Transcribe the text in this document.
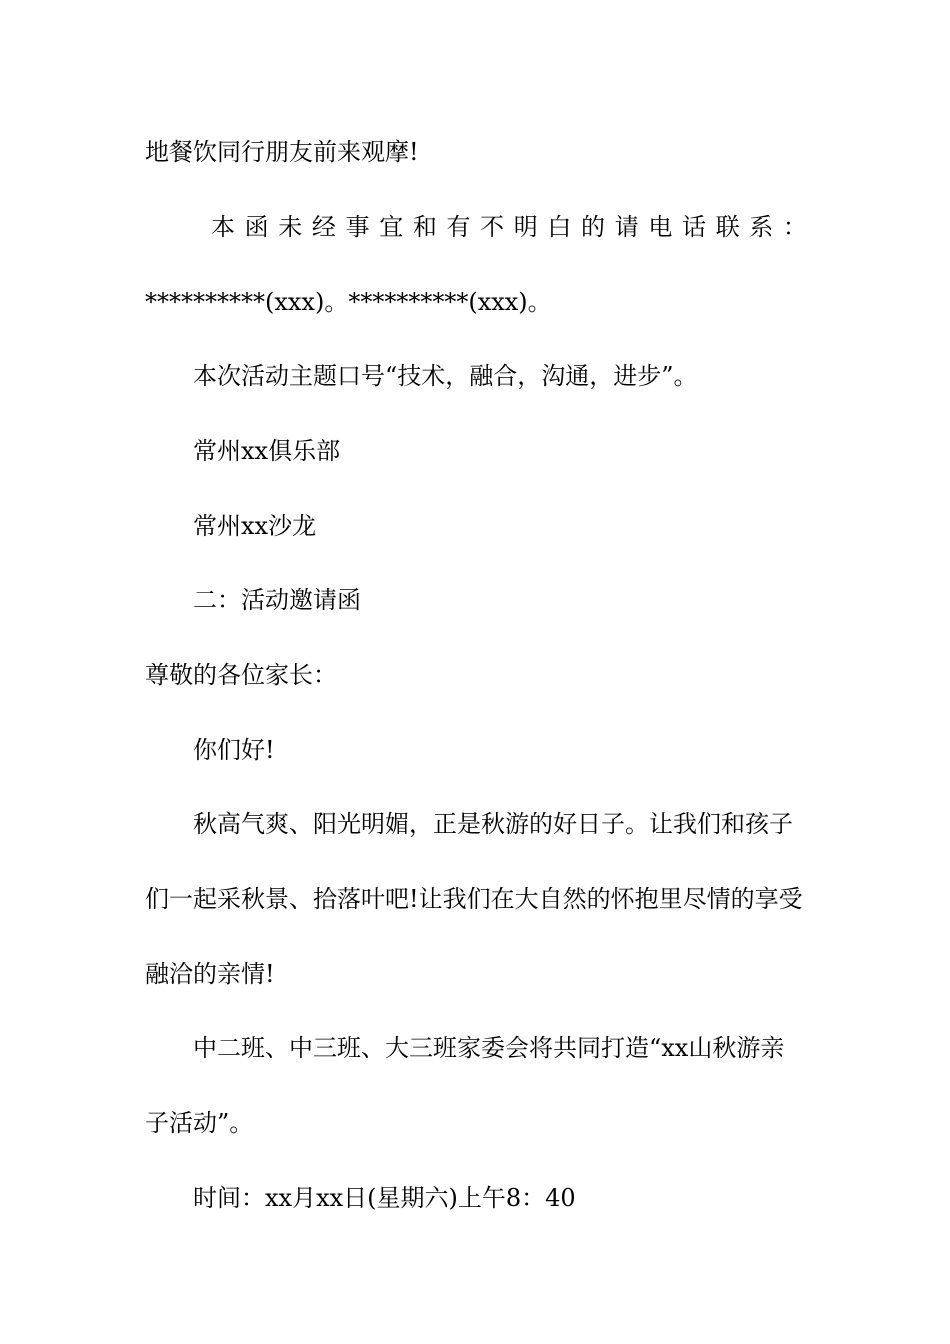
地餐饮同行朋友前来观摩!
本 函 未 经 事 宜 和 有 不 明 白 的 请 电 话 联 系 ：
**********(xxx)。**********(xxx)。
本次活动主题口号“技术，融合，沟通，进步”。
常州xx俱乐部
常州xx沙龙
二：活动邀请函
尊敬的各位家长：
你们好!
秋高气爽、阳光明媚，正是秋游的好日子。让我们和孩子
们一起采秋景、拾落叶吧!让我们在大自然的怀抱里尽情的享受
融洽的亲情!
中二班、中三班、大三班家委会将共同打造“xx山秋游亲
子活动”。
时间：xx月xx日(星期六)上午8：40
